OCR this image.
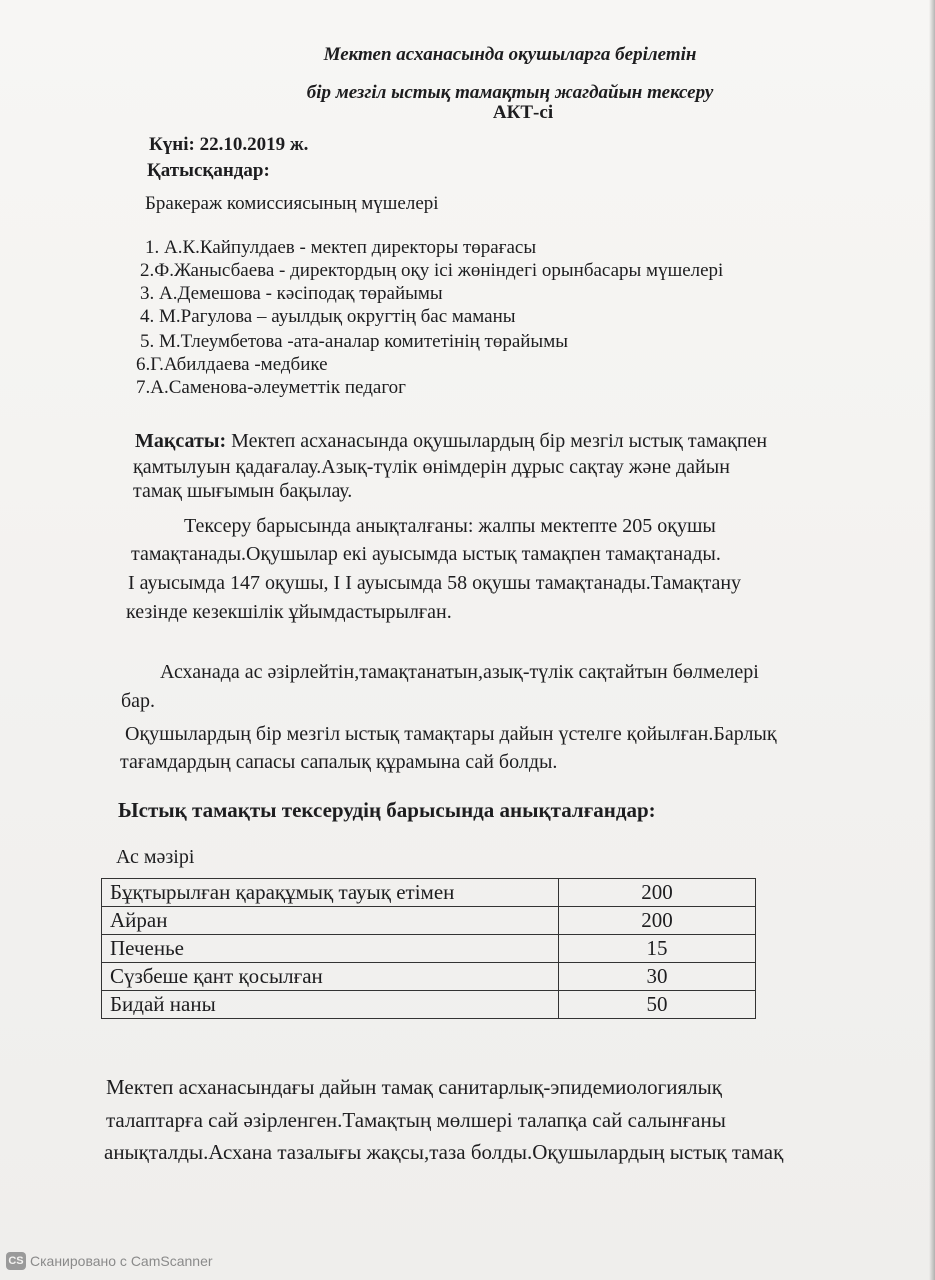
Мектеп асханасында оқушыларга берілетін

бір мезгіл ыстық тамақтың жагдайын тексеру

АКТ-сі

Күні: 22.10.2019 ж.

Қатысқандар:

Бракераж комиссиясының мүшелері

1. А.К.Кайпулдаев - мектеп директоры төрағасы

2.Ф.Жанысбаева - директордың оқу ісі жөніндегі орынбасары мүшелері

3. А.Демешова - кәсіподақ төрайымы

4. М.Рагулова – ауылдық округтің бас маманы

5. М.Тлеумбетова -ата-аналар комитетінің төрайымы

6.Г.Абилдаева -медбике

7.А.Саменова-әлеуметтік педагог

Мақсаты: Мектеп асханасында оқушылардың бір мезгіл ыстық тамақпен

қамтылуын қадағалау.Азық-түлік өнімдерін дұрыс сақтау және дайын

тамақ шығымын бақылау.

Тексеру барысында анықталғаны: жалпы мектепте 205 оқушы

тамақтанады.Оқушылар екі ауысымда ыстық тамақпен тамақтанады.

І ауысымда 147 оқушы, І І ауысымда 58 оқушы тамақтанады.Тамақтану

кезінде кезекшілік ұйымдастырылған.

Асханада ас әзірлейтін,тамақтанатын,азық-түлік сақтайтын бөлмелері

бар.

Оқушылардың бір мезгіл ыстық тамақтары дайын үстелге қойылған.Барлық

тағамдардың сапасы сапалық құрамына сай болды.

Ыстық тамақты тексерудің барысында анықталғандар:

Ас мәзірі

Бұқтырылған қарақұмық тауық етімен	200
Айран	200
Печенье	15
Сүзбеше қант қосылған	30
Бидай наны	50

Мектеп асханасындағы дайын тамақ санитарлық-эпидемиологиялық

талаптарға сай әзірленген.Тамақтың мөлшері талапқа сай салынғаны

анықталды.Асхана тазалығы жақсы,таза болды.Оқушылардың ыстық тамақ

CS Сканировано с CamScanner
